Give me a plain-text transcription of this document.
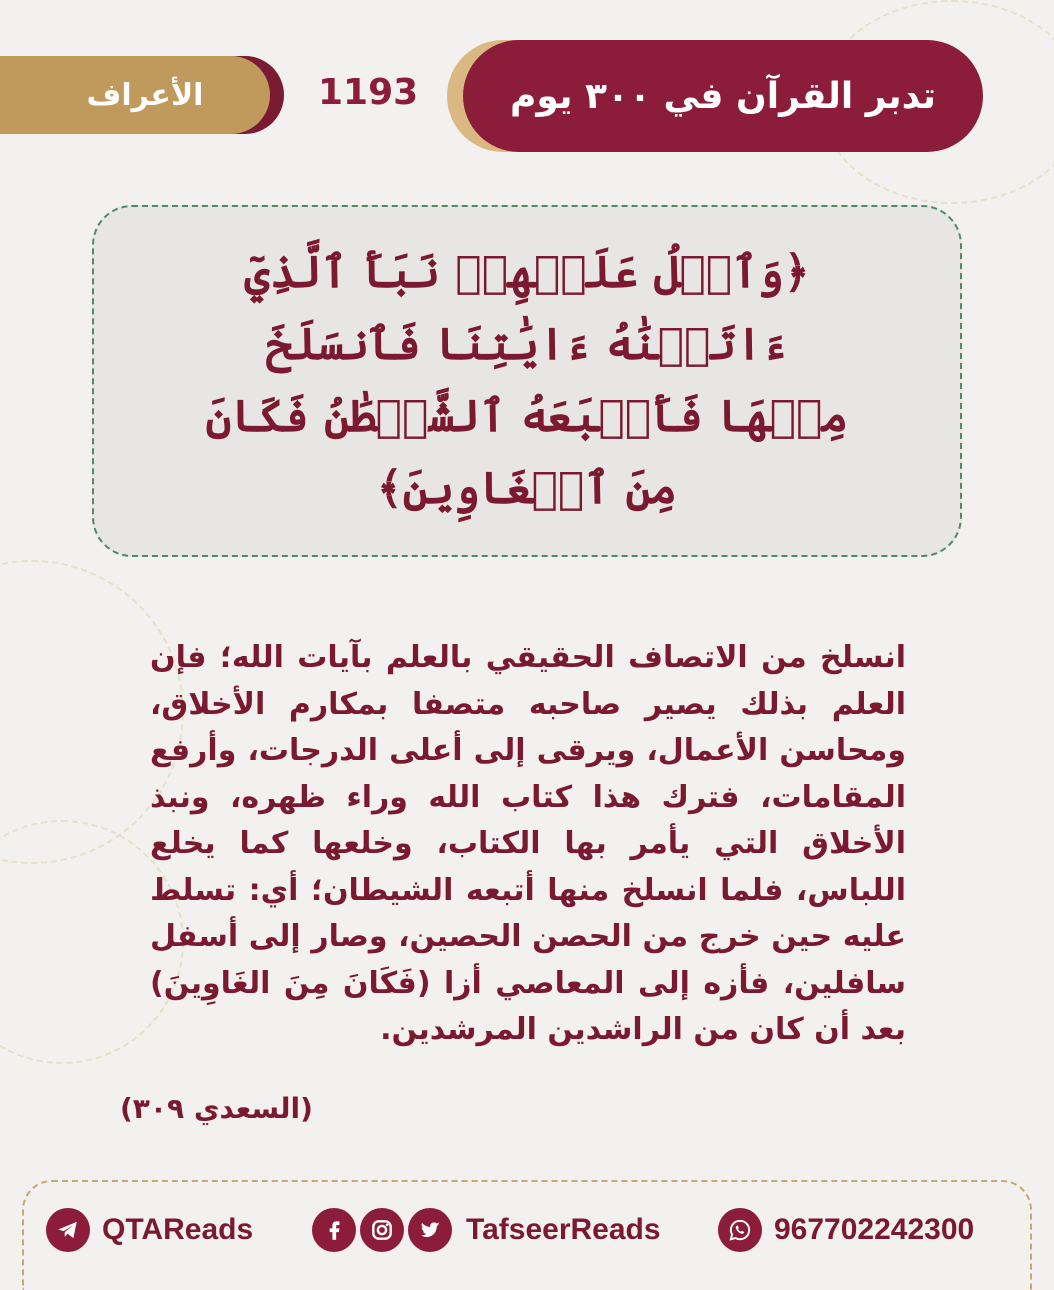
تدبر القرآن في ٣٠٠ يوم
1193
الأعراف
﴿وَٱتۡلُ عَلَيۡهِمۡ نَبَأَ ٱلَّذِيٓ ءَاتَيۡنَٰهُ ءَايَٰتِنَا فَٱنسَلَخَ مِنۡهَا فَأَتۡبَعَهُ ٱلشَّيۡطَٰنُ فَكَانَ مِنَ ٱلۡغَاوِينَ﴾
انسلخ من الاتصاف الحقيقي بالعلم بآيات الله؛ فإن العلم بذلك يصير صاحبه متصفا بمكارم الأخلاق، ومحاسن الأعمال، ويرقى إلى أعلى الدرجات، وأرفع المقامات، فترك هذا كتاب الله وراء ظهره، ونبذ الأخلاق التي يأمر بها الكتاب، وخلعها كما يخلع اللباس، فلما انسلخ منها أتبعه الشيطان؛ أي: تسلط عليه حين خرج من الحصن الحصين، وصار إلى أسفل سافلين، فأزه إلى المعاصي أزا (فَكَانَ مِنَ الغَاوِينَ) بعد أن كان من الراشدين المرشدين.
(السعدي ٣٠٩)
QTAReads	TafseerReads	967702242300
